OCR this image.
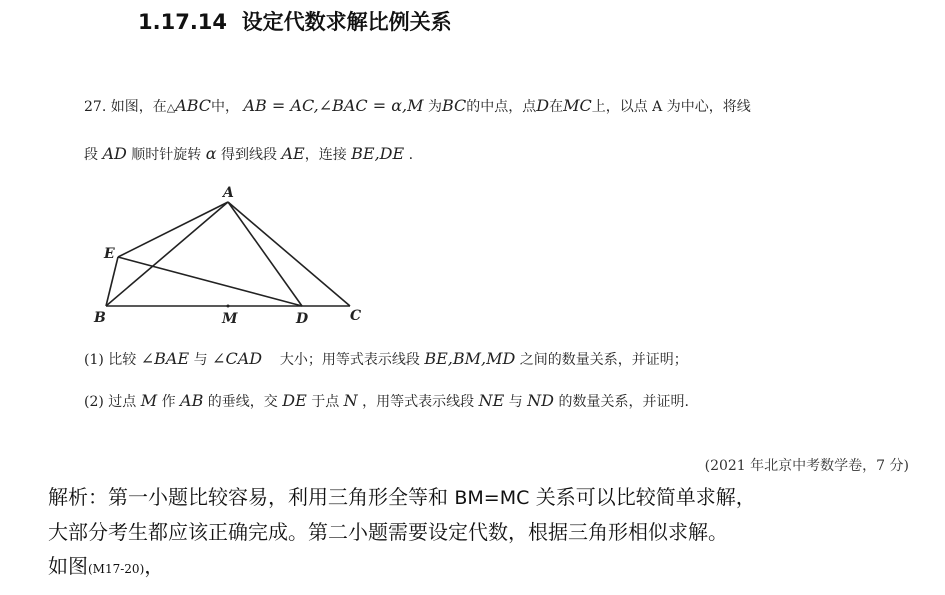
1.17.14 设定代数求解比例关系
27. 如图，在△ABC中， AB = AC,∠BAC = α,M 为BC的中点，点D在MC上，以点 A 为中心，将线
段 AD 顺时针旋转 α 得到线段 AE，连接 BE,DE .
A
E
B	M	D	C
(1) 比较 ∠BAE 与 ∠CAD 大小；用等式表示线段 BE,BM,MD 之间的数量关系，并证明；
(2) 过点 M 作 AB 的垂线，交 DE 于点 N ，用等式表示线段 NE 与 ND 的数量关系，并证明.
(2021 年北京中考数学卷，7 分)
解析：第一小题比较容易，利用三角形全等和 BM=MC 关系可以比较简单求解，
大部分考生都应该正确完成。第二小题需要设定代数，根据三角形相似求解。
如图(M17-20)，
